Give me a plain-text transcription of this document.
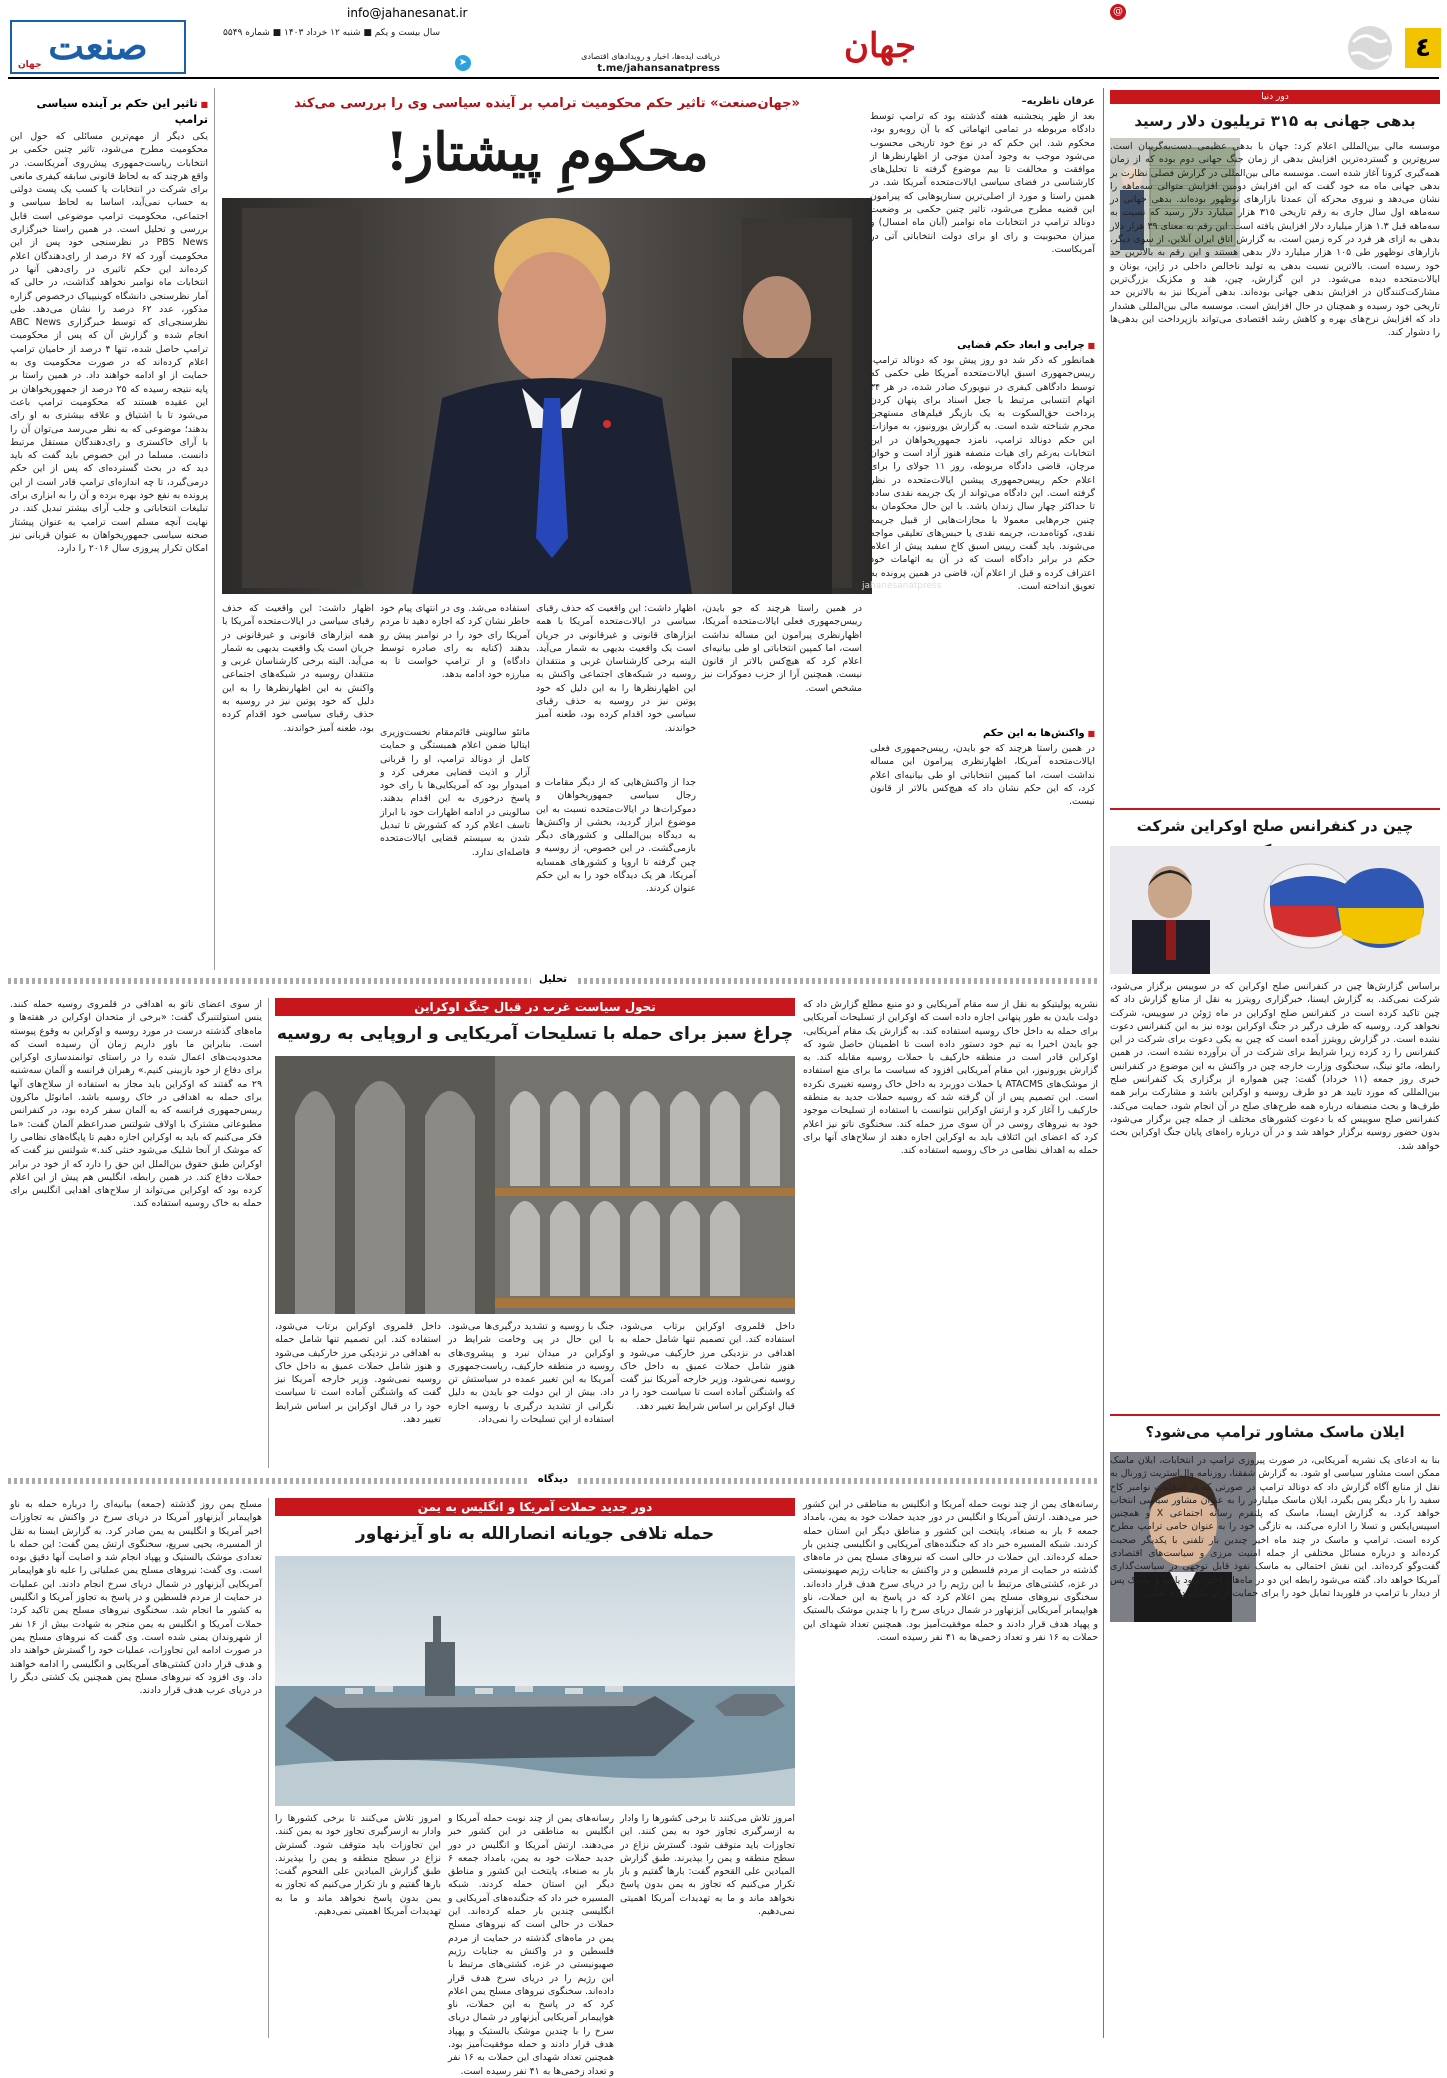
٤
info@jahanesanat.ir	@
جهان
دریافت ایده‌ها، اخبار و رویدادهای اقتصادی
t.me/jahansanatpress
➤
سال بیست و یکم ■ شنبه ۱۲ خرداد ۱۴۰۳ ■ شماره ۵۵۴۹
صنعت
جهان
دور دنیا
بدهی جهانی به ۳۱۵ تریلیون دلار رسید
موسسه مالی بین‌المللی اعلام کرد: جهان با بدهی عظیمی دست‌به‌گریبان است. سریع‌ترین و گسترده‌ترین افزایش بدهی از زمان جنگ جهانی دوم بوده که از زمان همه‌گیری کرونا آغاز شده است. موسسه مالی بین‌المللی در گزارش فصلی نظارت بر بدهی جهانی ماه مه خود گفت که این افزایش دومین افزایش متوالی سه‌ماهه را نشان می‌دهد و نیروی محرکه آن عمدتا بازارهای نوظهور بوده‌اند. بدهی جهانی در سه‌ماهه اول سال جاری به رقم تاریخی ۳۱۵ هزار میلیارد دلار رسید که نسبت به سه‌ماهه قبل ۱.۳ هزار میلیارد دلار افزایش یافته است. این رقم به معنای ۳۹ هزار دلار بدهی به ازای هر فرد در کره زمین است. به گزارش اتاق ایران آنلاین، از سوی دیگر، بازارهای نوظهور طی ۱۰۵ هزار میلیارد دلار بدهی هستند و این رقم به بالاترین حد خود رسیده است. بالاترین نسبت بدهی به تولید ناخالص داخلی در ژاپن، یونان و ایالات‌متحده دیده می‌شود. در این گزارش، چین، هند و مکزیک بزرگ‌ترین مشارکت‌کنندگان در افزایش بدهی جهانی بوده‌اند. بدهی آمریکا نیز به بالاترین حد تاریخی خود رسیده و همچنان در حال افزایش است. موسسه مالی بین‌المللی هشدار داد که افزایش نرخ‌های بهره و کاهش رشد اقتصادی می‌تواند بازپرداخت این بدهی‌ها را دشوار کند.
چین در کنفرانس صلح اوکراین شرکت
براساس گزارش‌ها چین در کنفرانس صلح اوکراین که در سوییس برگزار می‌شود، شرکت نمی‌کند. به گزارش ایسنا، خبرگزاری رویترز به نقل از منابع گزارش داد که چین تاکید کرده است در کنفرانس صلح اوکراین در ماه ژوئن در سوییس، شرکت نخواهد کرد. روسیه که طرف درگیر در جنگ اوکراین بوده نیز به این کنفرانس دعوت نشده است. در گزارش رویترز آمده است که چین به یکی دعوت برای شرکت در این کنفرانس را رد کرده زیرا شرایط برای شرکت در آن برآورده نشده است. در همین رابطه، مائو نینگ، سخنگوی وزارت خارجه چین در واکنش به این موضوع در کنفرانس خبری روز جمعه (۱۱ خرداد) گفت: چین همواره از برگزاری یک کنفرانس صلح بین‌المللی که مورد تایید هر دو طرف روسیه و اوکراین باشد و مشارکت برابر همه طرف‌ها و بحث منصفانه درباره همه طرح‌های صلح در آن انجام شود، حمایت می‌کند. کنفرانس صلح سوییس که با دعوت کشورهای مختلف از جمله چین برگزار می‌شود، بدون حضور روسیه برگزار خواهد شد و در آن درباره راه‌های پایان جنگ اوکراین بحث خواهد شد.
ایلان ماسک مشاور ترامپ می‌شود؟
بنا به ادعای یک نشریه آمریکایی، در صورت پیروزی ترامپ در انتخابات، ایلان ماسک ممکن است مشاور سیاسی او شود. به گزارش شفقنا، روزنامه وال‌استریت ژورنال به نقل از منابع آگاه گزارش داد که دونالد ترامپ در صورتی که در انتخابات نوامبر کاخ سفید را بار دیگر پس بگیرد، ایلان ماسک میلیاردر را به عنوان مشاور سیاسی انتخاب خواهد کرد. به گزارش ایسنا، ماسک که پلتفرم رسانه اجتماعی X و همچنین اسپیس‌ایکس و تسلا را اداره می‌کند، به تازگی خود را به عنوان حامی ترامپ مطرح کرده است. ترامپ و ماسک در چند ماه اخیر چندین بار تلفنی با یکدیگر صحبت کرده‌اند و درباره مسائل مختلفی از جمله امنیت مرزی و سیاست‌های اقتصادی گفت‌وگو کرده‌اند. این نقش احتمالی به ماسک نفوذ قابل توجهی در سیاست‌گذاری آمریکا خواهد داد. گفته می‌شود رابطه این دو در ماه‌های اخیر بهبود یافته و ماسک پس از دیدار با ترامپ در فلوریدا تمایل خود را برای حمایت از او نشان داده است.
«جهان‌صنعت» تاثیر حکم محکومیت ترامپ بر آینده سیاسی وی را بررسی می‌کند
محکومِ پیشتاز!
jahanesanatpress
عرفان ناظریه–
بعد از ظهر پنجشنبه هفته گذشته بود که ترامپ توسط دادگاه مربوطه در تمامی اتهاماتی که با آن روبه‌رو بود، محکوم شد. این حکم که در نوع خود تاریخی محسوب می‌شود موجب به وجود آمدن موجی از اظهارنظرها از موافقت و مخالفت تا بیم موضوع گرفته تا تحلیل‌های کارشناسی در فضای سیاسی ایالات‌متحده آمریکا شد. در همین راستا و مورد از اصلی‌ترین سناریوهایی که پیرامون این قضیه مطرح می‌شود، تاثیر چنین حکمی بر وضعیت دونالد ترامپ در انتخابات ماه نوامبر (آبان ماه امسال) و میزان محبوبیت و رای او برای دولت انتخاباتی آتی در آمریکاست.
■ چرایی و ابعاد حکم قضایی
همانطور که ذکر شد دو روز پیش بود که دونالد ترامپ، رییس‌جمهوری اسبق ایالات‌متحده آمریکا طی حکمی که توسط دادگاهی کیفری در نیویورک صادر شده، در هر ۳۴ اتهام انتسابی مرتبط با جعل اسناد برای پنهان کردن پرداخت حق‌السکوت به یک بازیگر فیلم‌های مستهجن مجرم شناخته شده است. به گزارش یورونیوز، به موازات این حکم دونالد ترامپ، نامزد جمهوریخواهان در این انتخابات به‌رغم رای هیات منصفه هنوز آزاد است و خوان مرچان، قاضی دادگاه مربوطه، روز ۱۱ جولای را برای اعلام حکم رییس‌جمهوری پیشین ایالات‌متحده در نظر گرفته است. این دادگاه می‌تواند از یک جریمه نقدی ساده تا حداکثر چهار سال زندان باشد. با این حال محکومان به چنین جرم‌هایی معمولا با مجازات‌هایی از قبیل جریمه نقدی، کوتاه‌مدت، جریمه نقدی یا حبس‌های تعلیقی مواجه می‌شوند. باید گفت رییس اسبق کاخ سفید پیش از اعلام حکم در برابر دادگاه است که در آن به اتهامات خود اعتراف کرده و قبل از اعلام آن، قاضی در همین پرونده به تعویق انداخته است.
■ واکنش‌ها به این حکم
در همین راستا هرچند که جو بایدن، رییس‌جمهوری فعلی ایالات‌متحده آمریکا، اظهارنظری پیرامون این مساله نداشت است، اما کمپین انتخاباتی او طی بیانیه‌ای اعلام کرد، که این حکم نشان داد که هیچ‌کس بالاتر از قانون نیست.
در همین راستا هرچند که جو بایدن، رییس‌جمهوری فعلی ایالات‌متحده آمریکا، اظهارنظری پیرامون این مساله نداشت است، اما کمپین انتخاباتی او طی بیانیه‌ای اعلام کرد که هیچ‌کس بالاتر از قانون نیست. همچنین آرا از حزب دموکرات نیز مشخص است.
اظهار داشت: این واقعیت که حذف رقبای سیاسی در ایالات‌متحده آمریکا با همه ابزارهای قانونی و غیرقانونی در جریان است یک واقعیت بدیهی به شمار می‌آید. البته برخی کارشناسان غربی و منتقدان روسیه در شبکه‌های اجتماعی واکنش به این اظهارنظرها را به این دلیل که خود پوتین نیز در روسیه به حذف رقبای سیاسی خود اقدام کرده بود، طعنه آمیز خواندند.
جدا از واکنش‌هایی که از دیگر مقامات و رجال سیاسی جمهوریخواهان و دموکرات‌ها در ایالات‌متحده نسبت به این موضوع ابراز گردید، بخشی از واکنش‌ها به دیدگاه بین‌المللی و کشورهای دیگر بازمی‌گشت. در این خصوص، از روسیه و چین گرفته تا اروپا و کشورهای همسایه آمریکا، هر یک دیدگاه خود را به این حکم عنوان کردند.
استفاده می‌شد. وی در انتهای پیام خود خاطر نشان کرد که اجازه دهید تا مردم آمریکا رای خود را در نوامبر پیش رو بدهند (کنایه به رای صادره توسط دادگاه) و از ترامپ خواست تا به مبارزه خود ادامه بدهد.
ماتئو سالوینی قائم‌مقام نخست‌وزیری ایتالیا ضمن اعلام همبستگی و حمایت کامل از دونالد ترامپ، او را قربانی آزار و اذیت قضایی معرفی کرد و امیدوار بود که آمریکایی‌ها با رای خود پاسخ درخوری به این اقدام بدهند. سالوینی در ادامه اظهارات خود با ابراز تاسف اعلام کرد که کشورش تا تبدیل شدن به سیستم قضایی ایالات‌متحده فاصله‌ای ندارد.
اظهار داشت: این واقعیت که حذف رقبای سیاسی در ایالات‌متحده آمریکا با همه ابزارهای قانونی و غیرقانونی در جریان است یک واقعیت بدیهی به شمار می‌آید. البته برخی کارشناسان غربی و منتقدان روسیه در شبکه‌های اجتماعی واکنش به این اظهارنظرها را به این دلیل که خود پوتین نیز در روسیه به حذف رقبای سیاسی خود اقدام کرده بود، طعنه آمیز خواندند.
■ تاثیر این حکم بر آینده سیاسی ترامپ
یکی دیگر از مهم‌ترین مسائلی که حول این محکومیت مطرح می‌شود، تاثیر چنین حکمی بر انتخابات ریاست‌جمهوری پیش‌روی آمریکاست. در واقع هرچند که به لحاظ قانونی سابقه کیفری مانعی برای شرکت در انتخابات یا کسب یک پست دولتی به حساب نمی‌آید، اساسا به لحاظ سیاسی و اجتماعی، محکومیت ترامپ موضوعی است قابل بررسی و تحلیل است. در همین راستا خبرگزاری PBS News در نظرسنجی خود پس از این محکومیت آورد که ۶۷ درصد از رای‌دهندگان اعلام کرده‌اند این حکم تاثیری در رای‌دهی آنها در انتخابات ماه نوامبر نخواهد گذاشت، در حالی که آمار نظرسنجی دانشگاه کوینیپیاک درخصوص گزاره مذکور، عدد ۶۲ درصد را نشان می‌دهد. طی نظرسنجی‌ای که توسط خبرگزاری ABC News انجام شده و گزارش آن که پس از محکومیت ترامپ حاصل شده، تنها ۴ درصد از حامیان ترامپ اعلام کرده‌اند که در صورت محکومیت وی به حمایت از او ادامه خواهند داد. در همین راستا بر پایه نتیجه رسیده که ۲۵ درصد از جمهوریخواهان بر این عقیده هستند که محکومیت ترامپ باعث می‌شود تا با اشتیاق و علاقه بیشتری به او رای بدهند؛ موضوعی که به نظر می‌رسد می‌توان آن را با آرای خاکستری و رای‌دهندگان مستقل مرتبط دانست. مسلما در این خصوص باید گفت که باید دید که در بحث گسترده‌ای که پس از این حکم درمی‌گیرد، تا چه اندازه‌ای ترامپ قادر است از این پرونده به نفع خود بهره برده و آن را به ابزاری برای تبلیغات انتخاباتی و جلب آرای بیشتر تبدیل کند. در نهایت آنچه مسلم است ترامپ به عنوان پیشتاز صحنه سیاسی جمهوریخواهان به عنوان قربانی نیز امکان تکرار پیروزی سال ۲۰۱۶ را دارد.
تحلیل
تحول سیاست غرب در قبال جنگ اوکراین
چراغ سبز برای حمله با تسلیحات آمریکایی و اروپایی به روسیه
نشریه پولیتیکو به نقل از سه مقام آمریکایی و دو منبع مطلع گزارش داد که دولت بایدن به طور پنهانی اجازه داده است که اوکراین از تسلیحات آمریکایی برای حمله به داخل خاک روسیه استفاده کند. به گزارش یک مقام آمریکایی، جو بایدن اخیرا به تیم خود دستور داده است تا اطمینان حاصل شود که اوکراین قادر است در منطقه خارکیف با حملات روسیه مقابله کند. به گزارش یورونیوز، این مقام آمریکایی افزود که سیاست ما برای منع استفاده از موشک‌های ATACMS یا حملات دوربرد به داخل خاک روسیه تغییری نکرده است. این تصمیم پس از آن گرفته شد که روسیه حملات جدید به منطقه خارکیف را آغاز کرد و ارتش اوکراین نتوانست با استفاده از تسلیحات موجود خود به نیروهای روسی در آن سوی مرز حمله کند. سخنگوی ناتو نیز اعلام کرد که اعضای این ائتلاف باید به اوکراین اجازه دهند از سلاح‌های آنها برای حمله به اهداف نظامی در خاک روسیه استفاده کند.
داخل قلمروی اوکراین برتاب می‌شود، استفاده کند. این تصمیم تنها شامل حمله به اهدافی در نزدیکی مرز خارکیف می‌شود و هنوز شامل حملات عمیق به داخل خاک روسیه نمی‌شود. وزیر خارجه آمریکا نیز گفت که واشنگتن آماده است تا سیاست خود را در قبال اوکراین بر اساس شرایط تغییر دهد.
جنگ با روسیه و تشدید درگیری‌ها می‌شود. با این حال در پی وخامت شرایط در اوکراین در میدان نبرد و پیشروی‌های روسیه در منطقه خارکیف، ریاست‌جمهوری آمریکا به این تغییر عمده در سیاستش تن داد. بیش از این دولت جو بایدن به دلیل نگرانی از تشدید درگیری با روسیه اجازه استفاده از این تسلیحات را نمی‌داد.
داخل قلمروی اوکراین برتاب می‌شود، استفاده کند. این تصمیم تنها شامل حمله به اهدافی در نزدیکی مرز خارکیف می‌شود و هنوز شامل حملات عمیق به داخل خاک روسیه نمی‌شود. وزیر خارجه آمریکا نیز گفت که واشنگتن آماده است تا سیاست خود را در قبال اوکراین بر اساس شرایط تغییر دهد.
از سوی اعضای ناتو به اهدافی در قلمروی روسیه حمله کنند. ینس استولتنبرگ گفت: «برخی از متحدان اوکراین در هفته‌ها و ماه‌های گذشته درست در مورد روسیه و اوکراین به وقوع پیوسته است. بنابراین ما باور داریم زمان آن رسیده است که محدودیت‌های اعمال شده را در راستای توانمندسازی اوکراین برای دفاع از خود بازبینی کنیم.» رهبران فرانسه و آلمان سه‌شنبه ۲۹ مه گفتند که اوکراین باید مجاز به استفاده از سلاح‌های آنها برای حمله به اهدافی در خاک روسیه باشد. امانوئل ماکرون رییس‌جمهوری فرانسه که به آلمان سفر کرده بود، در کنفرانس مطبوعاتی مشترک با اولاف شولتس صدراعظم آلمان گفت: «ما فکر می‌کنیم که باید به اوکراین اجازه دهیم تا پایگاه‌های نظامی را که موشک از آنجا شلیک می‌شود خنثی کند.» شولتس نیز گفت که اوکراین طبق حقوق بین‌الملل این حق را دارد که از خود در برابر حملات دفاع کند. در همین رابطه، انگلیس هم پیش از این اعلام کرده بود که اوکراین می‌تواند از سلاح‌های اهدایی انگلیس برای حمله به خاک روسیه استفاده کند.
دیدگاه
دور جدید حملات آمریکا و انگلیس به یمن
حمله تلافی جویانه انصارالله به ناو آیزنهاور
رسانه‌های یمن از چند نوبت حمله آمریکا و انگلیس به مناطقی در این کشور خبر می‌دهند. ارتش آمریکا و انگلیس در دور جدید حملات خود به یمن، بامداد جمعه ۶ بار به صنعاء، پایتخت این کشور و مناطق دیگر این استان حمله کردند. شبکه المسیره خبر داد که جنگنده‌های آمریکایی و انگلیسی چندین بار حمله کرده‌اند. این حملات در حالی است که نیروهای مسلح یمن در ماه‌های گذشته در حمایت از مردم فلسطین و در واکنش به جنایات رژیم صهیونیستی در غزه، کشتی‌های مرتبط با این رژیم را در دریای سرخ هدف قرار داده‌اند. سخنگوی نیروهای مسلح یمن اعلام کرد که در پاسخ به این حملات، ناو هواپیمابر آمریکایی آیزنهاور در شمال دریای سرخ را با چندین موشک بالستیک و پهپاد هدف قرار دادند و حمله موفقیت‌آمیز بود. همچنین تعداد شهدای این حملات به ۱۶ نفر و تعداد زخمی‌ها به ۴۱ نفر رسیده است.
امروز تلاش می‌کنند تا برخی کشورها را وادار به ازسرگیری تجاوز خود به یمن کنند. این تجاوزات باید متوقف شود. گسترش نزاع در سطح منطقه و یمن را بپذیرند. طبق گزارش المیادین علی القحوم گفت: بارها گفتیم و باز تکرار می‌کنیم که تجاوز به یمن بدون پاسخ نخواهد ماند و ما به تهدیدات آمریکا اهمیتی نمی‌دهیم.
رسانه‌های یمن از چند نوبت حمله آمریکا و انگلیس به مناطقی در این کشور خبر می‌دهند. ارتش آمریکا و انگلیس در دور جدید حملات خود به یمن، بامداد جمعه ۶ بار به صنعاء، پایتخت این کشور و مناطق دیگر این استان حمله کردند. شبکه المسیره خبر داد که جنگنده‌های آمریکایی و انگلیسی چندین بار حمله کرده‌اند. این حملات در حالی است که نیروهای مسلح یمن در ماه‌های گذشته در حمایت از مردم فلسطین و در واکنش به جنایات رژیم صهیونیستی در غزه، کشتی‌های مرتبط با این رژیم را در دریای سرخ هدف قرار داده‌اند. سخنگوی نیروهای مسلح یمن اعلام کرد که در پاسخ به این حملات، ناو هواپیمابر آمریکایی آیزنهاور در شمال دریای سرخ را با چندین موشک بالستیک و پهپاد هدف قرار دادند و حمله موفقیت‌آمیز بود. همچنین تعداد شهدای این حملات به ۱۶ نفر و تعداد زخمی‌ها به ۴۱ نفر رسیده است.
امروز تلاش می‌کنند تا برخی کشورها را وادار به ازسرگیری تجاوز خود به یمن کنند. این تجاوزات باید متوقف شود. گسترش نزاع در سطح منطقه و یمن را بپذیرند. طبق گزارش المیادین علی القحوم گفت: بارها گفتیم و باز تکرار می‌کنیم که تجاوز به یمن بدون پاسخ نخواهد ماند و ما به تهدیدات آمریکا اهمیتی نمی‌دهیم.
مسلح یمن روز گذشته (جمعه) بیانیه‌ای را درباره حمله به ناو هواپیمابر آیزنهاور آمریکا در دریای سرخ در واکنش به تجاوزات اخیر آمریکا و انگلیس به یمن صادر کرد. به گزارش ایسنا به نقل از المسیره، یحیی سریع، سخنگوی ارتش یمن گفت: این حمله با تعدادی موشک بالستیک و پهپاد انجام شد و اصابت آنها دقیق بوده است. وی گفت: نیروهای مسلح یمن عملیاتی را علیه ناو هواپیمابر آمریکایی آیزنهاور در شمال دریای سرخ انجام دادند. این عملیات در حمایت از مردم فلسطین و در پاسخ به تجاوز آمریکا و انگلیس به کشور ما انجام شد. سخنگوی نیروهای مسلح یمن تاکید کرد: حملات آمریکا و انگلیس به یمن منجر به شهادت بیش از ۱۶ نفر از شهروندان یمنی شده است. وی گفت که نیروهای مسلح یمن در صورت ادامه این تجاوزات، عملیات خود را گسترش خواهند داد و هدف قرار دادن کشتی‌های آمریکایی و انگلیسی را ادامه خواهند داد. وی افزود که نیروهای مسلح یمن همچنین یک کشتی دیگر را در دریای عرب هدف قرار دادند.
